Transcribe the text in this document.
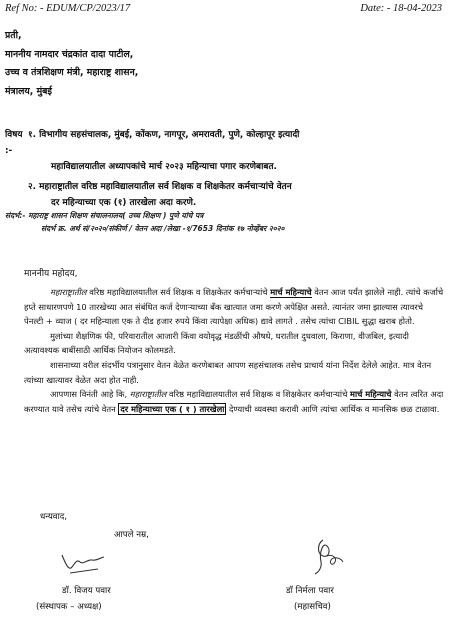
Ref No: - EDUM/CP/2023/17	Date: - 18-04-2023
प्रती,
माननीय नामदार चंद्रकांत दादा पाटील,
उच्च व तंत्रशिक्षण मंत्री, महाराष्ट्र शासन,
मंत्रालय, मुंबई
विषय :-
१. विभागीय सहसंचालक, मुंबई, कोंकण, नागपूर, अमरावती, पुणे, कोल्हापूर इत्यादी
महाविद्यालयातील अध्यापकांचे मार्च २०२३ महिन्याचा पगार करणेबाबत.
२. महाराष्ट्रातील वरिष्ठ महाविद्यालयातील सर्व शिक्षक व शिक्षकेतर कर्मचाऱ्यांचे वेतन
दर महिन्याच्या एक (१) तारखेला अदा करणे.
संदर्भ:- महाराष्ट्र शासन शिक्षण संचालनालय( उच्च शिक्षण ) पुणे यांचे पत्र
संदर्भ क्र. अर्थ सं/२०२०/संकीर्ण / वेतन अदा /लेखा -१/7653 दिनांक १७ नोव्हेंबर २०२०
माननीय महोदय,

महाराष्ट्रातील वरिष्ठ महाविद्यालयातील सर्व शिक्षक व शिक्षकेतर कर्मचाऱ्यांचे मार्च महिन्याचे वेतन आज पर्यंत झालेले नाही. त्यांचे कर्जाचे हप्ते साधारणपणे 10 तारखेच्या आत संबंधित कर्ज देणाऱ्याच्या बँक खात्यात जमा करणे अपेक्षित असते. त्यानंतर जमा झाल्यास त्यावरचे पेनल्टी + व्याज ( दर महिन्याला एक ते दीड हजार रुपये किंवा त्यापेक्षा अधिक) द्यावे लागते . तसेच त्यांचा CIBIL सुद्धा खराब होतो.

मुलांच्या शैक्षणिक फी, परिवारातील आजारी किंवा वयोवृद्ध मंडळींची औषधे, घरातील दुधवाला, किराणा, वीजबिल, इत्यादी अत्यावश्यक बाबींसाठी आर्थिक नियोजन कोलमडते.

शासनाच्या वरील संदर्भीय पत्रानुसार वेतन वेळेत करणेबाबत आपण सहसंचालक तसेच प्राचार्य यांना निर्देश देलेले आहेत. मात्र वेतन त्यांच्या खात्यावर वेळेत अदा होत नाही.

आपणास विनंती आहे कि, महाराष्ट्रातील वरिष्ठ महाविद्यालयातील सर्व शिक्षक व शिक्षकेतर कर्मचाऱ्यांचे मार्च महिन्याचे वेतन त्वरित अदा करण्यात यावे तसेच त्यांचे वेतन दर महिन्याच्या एक ( १ ) तारखेला देण्याची व्यवस्था करावी आणि त्यांचा आर्थिक व मानसिक छळ टाळावा.

धन्यवाद,
आपले नम्र,
डॉ. विजय पवार
(संस्थापक – अध्यक्ष)
डॉ निर्मला पवार
(महासचिव)
